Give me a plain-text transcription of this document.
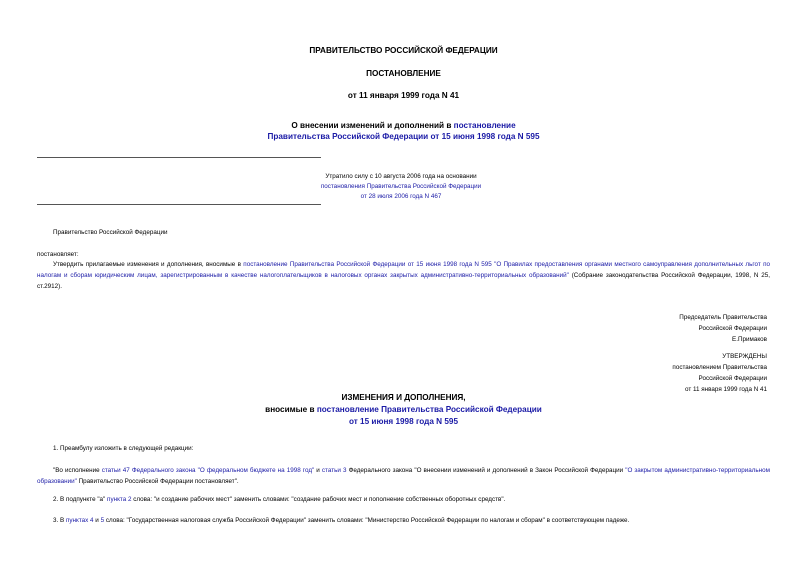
ПРАВИТЕЛЬСТВО РОССИЙСКОЙ ФЕДЕРАЦИИ
ПОСТАНОВЛЕНИЕ
от 11 января 1999 года N 41
О внесении изменений и дополнений в постановление
Правительства Российской Федерации от 15 июня 1998 года N 595
Утратило силу с 10 августа 2006 года на основании
постановления Правительства Российской Федерации
от 28 июля 2006 года N 467
Правительство Российской Федерации
постановляет:
Утвердить прилагаемые изменения и дополнения, вносимые в постановление Правительства Российской Федерации от 15 июня 1998 года N 595 "О Правилах предоставления органами местного самоуправления дополнительных льгот по налогам и сборам юридическим лицам, зарегистрированным в качестве налогоплательщиков в налоговых органах закрытых административно-территориальных образований" (Собрание законодательства Российской Федерации, 1998, N 25, ст.2912).
Председатель Правительства
Российской Федерации
Е.Примаков
УТВЕРЖДЕНЫ
постановлением Правительства
Российской Федерации
от 11 января 1999 года N 41
ИЗМЕНЕНИЯ И ДОПОЛНЕНИЯ,
вносимые в постановление Правительства Российской Федерации
от 15 июня 1998 года N 595
1. Преамбулу изложить в следующей редакции:
"Во исполнение статьи 47 Федерального закона "О федеральном бюджете на 1998 год" и статьи 3 Федерального закона "О внесении изменений и дополнений в Закон Российской Федерации "О закрытом административно-территориальном образовании" Правительство Российской Федерации постановляет".
2. В подпункте "а" пункта 2 слова: "и создание рабочих мест" заменить словами: "создание рабочих мест и пополнение собственных оборотных средств".
3. В пунктах 4 и 5 слова: "Государственная налоговая служба Российской Федерации" заменить словами: "Министерство Российской Федерации по налогам и сборам" в соответствующем падеже.
